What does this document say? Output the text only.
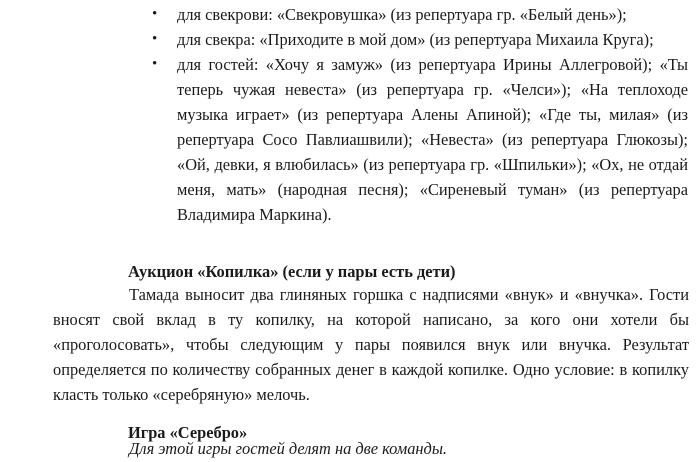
•	для свекрови: «Свекровушка» (из репертуара гр. «Белый день»);
•	для свекра: «Приходите в мой дом» (из репертуара Михаила Круга);
•	для гостей: «Хочу я замуж» (из репертуара Ирины Аллегровой); «Ты теперь чужая невеста» (из репертуара гр. «Челси»); «На теплоходе музыка играет» (из репертуара Алены Апиной); «Где ты, милая» (из репертуара Сосо Павлиашвили); «Невеста» (из репертуара Глюкозы); «Ой, девки, я влюбилась» (из репертуара гр. «Шпильки»); «Ох, не отдай меня, мать» (народная песня); «Сиреневый туман» (из репертуара Владимира Маркина).
Аукцион «Копилка» (если у пары есть дети)

Тамада выносит два глиняных горшка с надписями «внук» и «внучка». Гости вносят свой вклад в ту копилку, на которой написано, за кого они хотели бы «проголосовать», чтобы следующим у пары появился внук или внучка. Результат определяется по количеству собранных денег в каждой копилке. Одно условие: в копилку класть только «серебряную» мелочь.

Игра «Серебро»

Для этой игры гостей делят на две команды.
